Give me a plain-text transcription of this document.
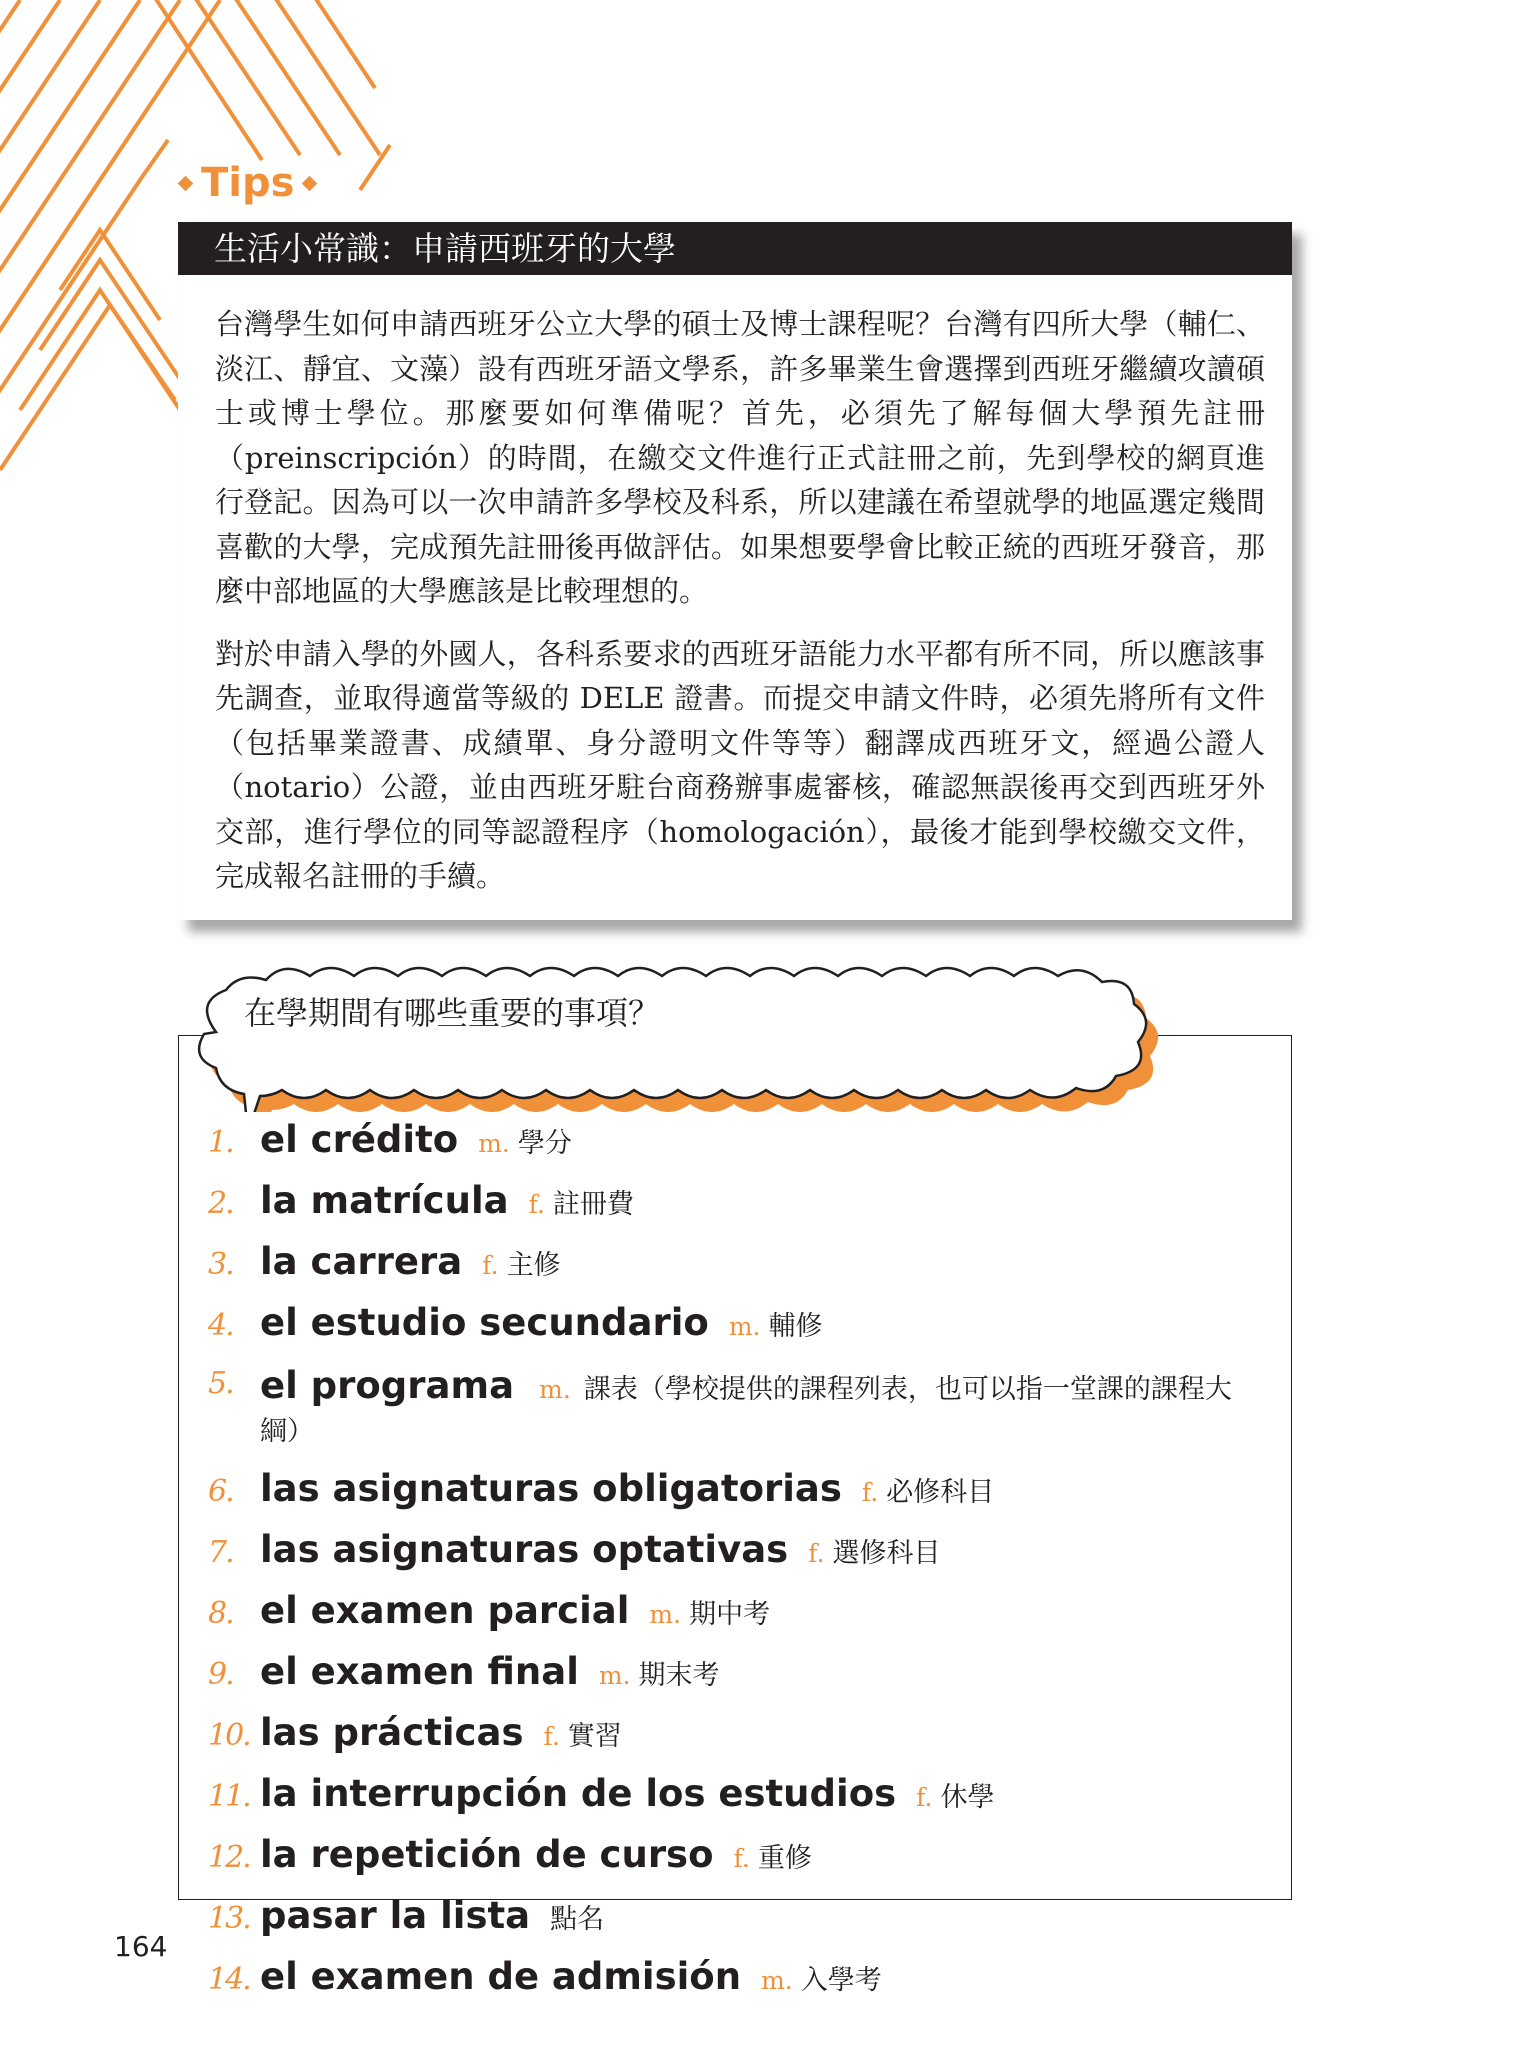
Tips
生活小常識：申請西班牙的大學

台灣學生如何申請西班牙公立大學的碩士及博士課程呢？台灣有四所大學（輔仁、淡江、靜宜、文藻）設有西班牙語文學系，許多畢業生會選擇到西班牙繼續攻讀碩士或博士學位。那麼要如何準備呢？首先，必須先了解每個大學預先註冊（preinscripción）的時間，在繳交文件進行正式註冊之前，先到學校的網頁進行登記。因為可以一次申請許多學校及科系，所以建議在希望就學的地區選定幾間喜歡的大學，完成預先註冊後再做評估。如果想要學會比較正統的西班牙發音，那麼中部地區的大學應該是比較理想的。

對於申請入學的外國人，各科系要求的西班牙語能力水平都有所不同，所以應該事先調查，並取得適當等級的 DELE 證書。而提交申請文件時，必須先將所有文件（包括畢業證書、成績單、身分證明文件等等）翻譯成西班牙文，經過公證人（notario）公證，並由西班牙駐台商務辦事處審核，確認無誤後再交到西班牙外交部，進行學位的同等認證程序（homologación），最後才能到學校繳交文件，完成報名註冊的手續。

在學期間有哪些重要的事項？
1. el crédito m. 學分
2. la matrícula f. 註冊費
3. la carrera f. 主修
4. el estudio secundario m. 輔修
5. el programa m. 課表（學校提供的課程列表，也可以指一堂課的課程大綱）
6. las asignaturas obligatorias f. 必修科目
7. las asignaturas optativas f. 選修科目
8. el examen parcial m. 期中考
9. el examen final m. 期末考
10. las prácticas f. 實習
11. la interrupción de los estudios f. 休學
12. la repetición de curso f. 重修
13. pasar la lista 點名
14. el examen de admisión m. 入學考
164
